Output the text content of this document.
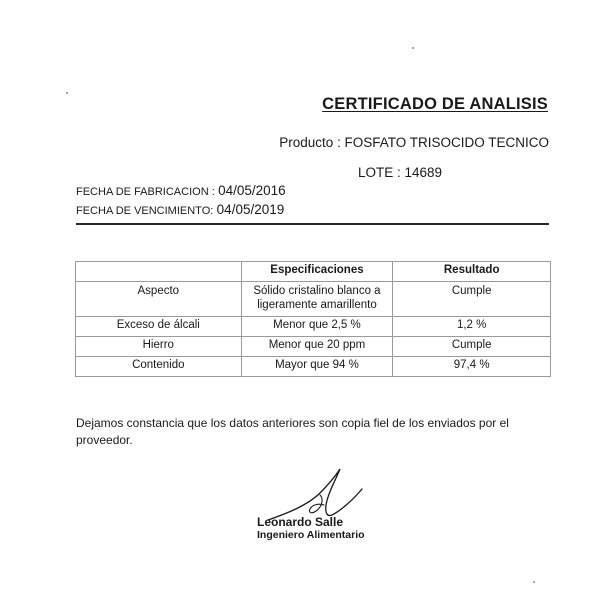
CERTIFICADO DE ANALISIS
Producto : FOSFATO TRISOCIDO TECNICO
LOTE : 14689
FECHA DE FABRICACION : 04/05/2016
FECHA DE VENCIMIENTO: 04/05/2019
	Especificaciones	Resultado
Aspecto	Sólido cristalino blanco a ligeramente amarillento	Cumple
Exceso de álcali	Menor que 2,5 %	1,2 %
Hierro	Menor que 20 ppm	Cumple
Contenido	Mayor que 94 %	97,4 %
Dejamos constancia que los datos anteriores son copia fiel de los enviados por el proveedor.
Leonardo Salle
Ingeniero Alimentario
